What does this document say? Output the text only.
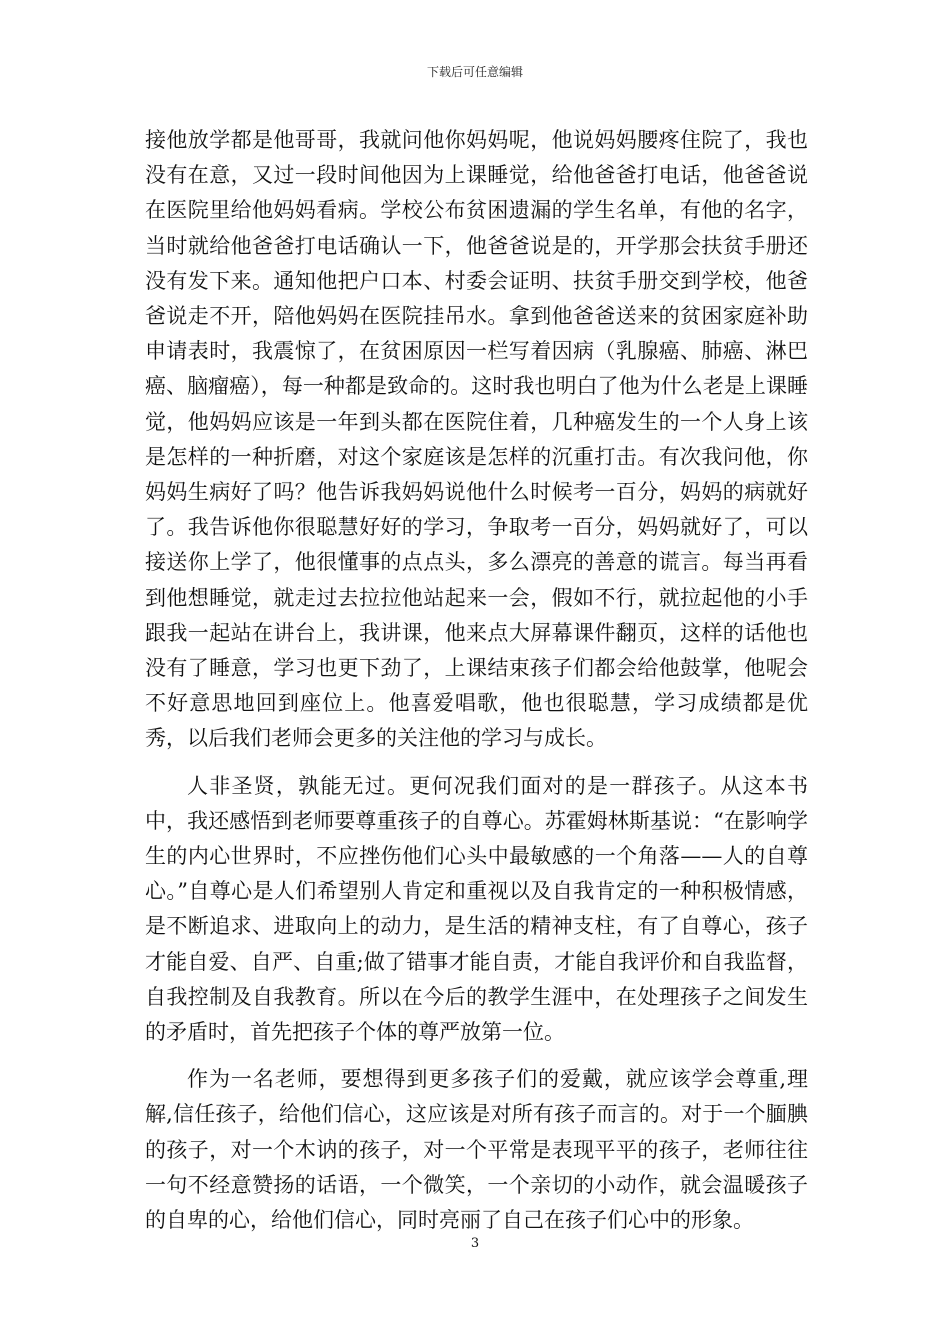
下载后可任意编辑

接他放学都是他哥哥，我就问他你妈妈呢，他说妈妈腰疼住院了，我也没有在意，又过一段时间他因为上课睡觉，给他爸爸打电话，他爸爸说在医院里给他妈妈看病。学校公布贫困遗漏的学生名单，有他的名字，当时就给他爸爸打电话确认一下，他爸爸说是的，开学那会扶贫手册还没有发下来。通知他把户口本、村委会证明、扶贫手册交到学校，他爸爸说走不开，陪他妈妈在医院挂吊水。拿到他爸爸送来的贫困家庭补助申请表时，我震惊了，在贫困原因一栏写着因病（乳腺癌、肺癌、淋巴癌、脑瘤癌），每一种都是致命的。这时我也明白了他为什么老是上课睡觉，他妈妈应该是一年到头都在医院住着，几种癌发生的一个人身上该是怎样的一种折磨，对这个家庭该是怎样的沉重打击。有次我问他，你妈妈生病好了吗？他告诉我妈妈说他什么时候考一百分，妈妈的病就好了。我告诉他你很聪慧好好的学习，争取考一百分，妈妈就好了，可以接送你上学了，他很懂事的点点头，多么漂亮的善意的谎言。每当再看到他想睡觉，就走过去拉拉他站起来一会，假如不行，就拉起他的小手跟我一起站在讲台上，我讲课，他来点大屏幕课件翻页，这样的话他也没有了睡意，学习也更下劲了，上课结束孩子们都会给他鼓掌，他呢会不好意思地回到座位上。他喜爱唱歌，他也很聪慧，学习成绩都是优秀，以后我们老师会更多的关注他的学习与成长。

人非圣贤，孰能无过。更何况我们面对的是一群孩子。从这本书中，我还感悟到老师要尊重孩子的自尊心。苏霍姆林斯基说：“在影响学生的内心世界时，不应挫伤他们心头中最敏感的一个角落——人的自尊心。”自尊心是人们希望别人肯定和重视以及自我肯定的一种积极情感，是不断追求、进取向上的动力，是生活的精神支柱，有了自尊心，孩子才能自爱、自严、自重;做了错事才能自责，才能自我评价和自我监督，自我控制及自我教育。所以在今后的教学生涯中，在处理孩子之间发生的矛盾时，首先把孩子个体的尊严放第一位。

作为一名老师，要想得到更多孩子们的爱戴，就应该学会尊重,理解,信任孩子，给他们信心，这应该是对所有孩子而言的。对于一个腼腆的孩子，对一个木讷的孩子，对一个平常是表现平平的孩子，老师往往一句不经意赞扬的话语，一个微笑，一个亲切的小动作，就会温暖孩子的自卑的心，给他们信心，同时亮丽了自己在孩子们心中的形象。

3
